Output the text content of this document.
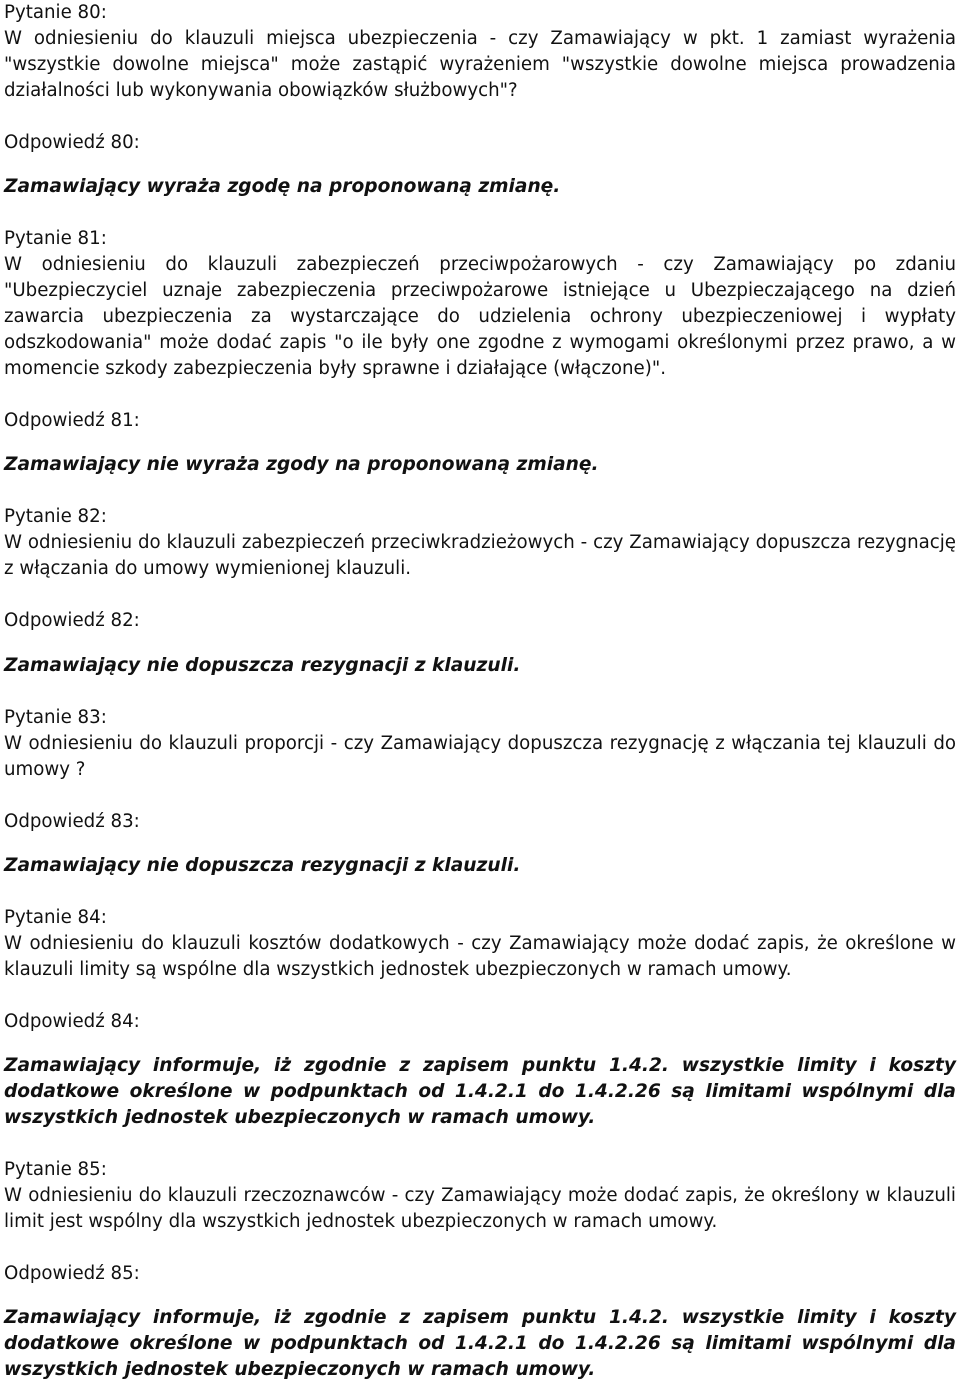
Pytanie 80:

W odniesieniu do klauzuli miejsca ubezpieczenia - czy Zamawiający w pkt. 1 zamiast wyrażenia "wszystkie dowolne miejsca" może zastąpić wyrażeniem "wszystkie dowolne miejsca prowadzenia działalności lub wykonywania obowiązków służbowych"?

Odpowiedź 80:

Zamawiający wyraża zgodę na proponowaną zmianę.

Pytanie 81:

W odniesieniu do klauzuli zabezpieczeń przeciwpożarowych - czy Zamawiający po zdaniu "Ubezpieczyciel uznaje zabezpieczenia przeciwpożarowe istniejące u Ubezpieczającego na dzień zawarcia ubezpieczenia za wystarczające do udzielenia ochrony ubezpieczeniowej i wypłaty odszkodowania" może dodać zapis "o ile były one zgodne z wymogami określonymi przez prawo, a w momencie szkody zabezpieczenia były sprawne i działające (włączone)".

Odpowiedź 81:

Zamawiający nie wyraża zgody na proponowaną zmianę.

Pytanie 82:

W odniesieniu do klauzuli zabezpieczeń przeciwkradzieżowych - czy Zamawiający dopuszcza rezygnację z włączania do umowy wymienionej klauzuli.

Odpowiedź 82:

Zamawiający nie dopuszcza rezygnacji z klauzuli.

Pytanie 83:

W odniesieniu do klauzuli proporcji - czy Zamawiający dopuszcza rezygnację z włączania tej klauzuli do umowy ?

Odpowiedź 83:

Zamawiający nie dopuszcza rezygnacji z klauzuli.

Pytanie 84:

W odniesieniu do klauzuli kosztów dodatkowych - czy Zamawiający może dodać zapis, że określone w klauzuli limity są wspólne dla wszystkich jednostek ubezpieczonych w ramach umowy.

Odpowiedź 84:

Zamawiający informuje, iż zgodnie z zapisem punktu 1.4.2. wszystkie limity i koszty dodatkowe określone w podpunktach od 1.4.2.1 do 1.4.2.26 są limitami wspólnymi dla wszystkich jednostek ubezpieczonych w ramach umowy.

Pytanie 85:

W odniesieniu do klauzuli rzeczoznawców - czy Zamawiający może dodać zapis, że określony w klauzuli limit jest wspólny dla wszystkich jednostek ubezpieczonych w ramach umowy.

Odpowiedź 85:

Zamawiający informuje, iż zgodnie z zapisem punktu 1.4.2. wszystkie limity i koszty dodatkowe określone w podpunktach od 1.4.2.1 do 1.4.2.26 są limitami wspólnymi dla wszystkich jednostek ubezpieczonych w ramach umowy.
